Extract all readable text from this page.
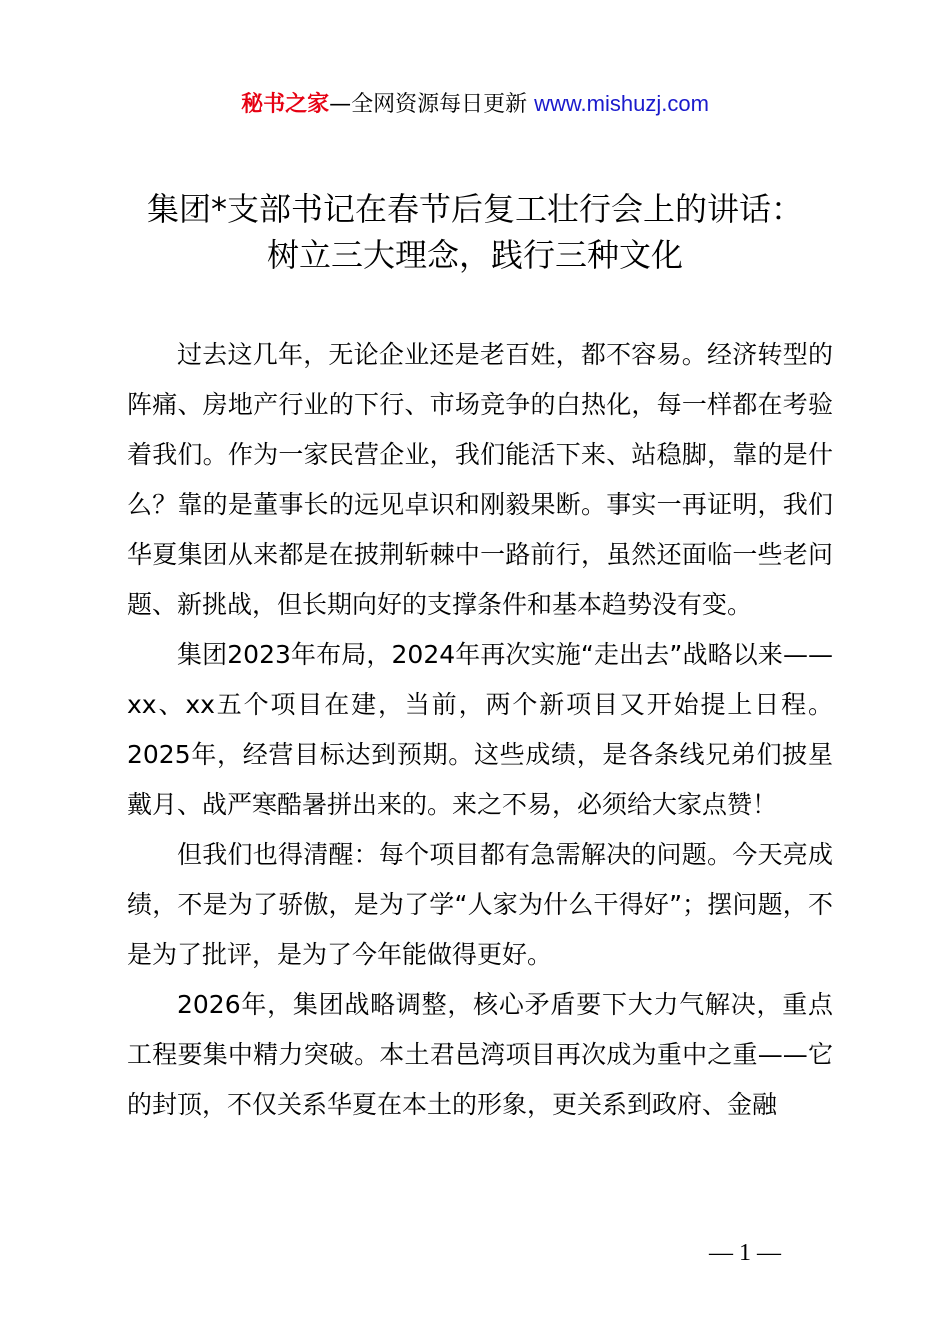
秘书之家—全网资源每日更新 www.mishuzj.com
集团*支部书记在春节后复工壮行会上的讲话：
树立三大理念，践行三种文化

过去这几年，无论企业还是老百姓，都不容易。经济转型的阵痛、房地产行业的下行、市场竞争的白热化，每一样都在考验着我们。作为一家民营企业，我们能活下来、站稳脚，靠的是什么？靠的是董事长的远见卓识和刚毅果断。事实一再证明，我们华夏集团从来都是在披荆斩棘中一路前行，虽然还面临一些老问题、新挑战，但长期向好的支撑条件和基本趋势没有变。

集团2023年布局，2024年再次实施“走出去”战略以来——xx、xx五个项目在建，当前，两个新项目又开始提上日程。2025年，经营目标达到预期。这些成绩，是各条线兄弟们披星戴月、战严寒酷暑拼出来的。来之不易，必须给大家点赞！

但我们也得清醒：每个项目都有急需解决的问题。今天亮成绩，不是为了骄傲，是为了学“人家为什么干得好”；摆问题，不是为了批评，是为了今年能做得更好。

2026年，集团战略调整，核心矛盾要下大力气解决，重点工程要集中精力突破。本土君邑湾项目再次成为重中之重——它的封顶，不仅关系华夏在本土的形象，更关系到政府、金融

— 1 —
